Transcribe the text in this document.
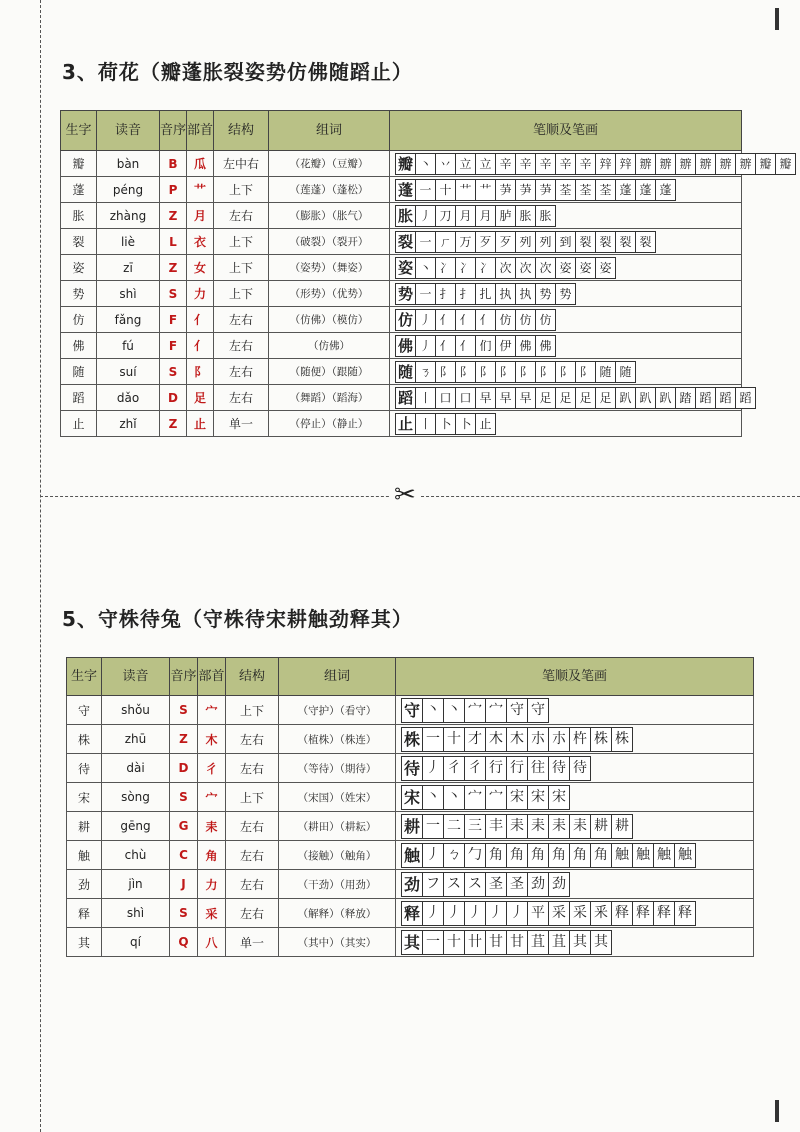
✂
3、荷花（瓣蓬胀裂姿势仿佛随蹈止）
生字	读音	音序	部首	结构	组词	笔顺及笔画
瓣	bàn	B	瓜	左中右	（花瓣）（豆瓣）	瓣 丶 丷 立 立 辛 辛 辛 辛 辛 辡 辡 辧 辧 辧 辧 辧 辧 瓣 瓣
蓬	péng	P	艹	上下	（莲蓬）（蓬松）	蓬 一 十 艹 艹 芛 芛 芛 荃 荃 荃 蓬 蓬 蓬
胀	zhàng	Z	月	左右	（膨胀）（胀气）	胀 丿 刀 月 月 胪 胀 胀
裂	liè	L	衣	上下	（破裂）（裂开）	裂 一 ㄏ 万 歹 歹 列 列 到 裂 裂 裂 裂
姿	zī	Z	女	上下	（姿势）（舞姿）	姿 丶 冫 冫 冫 次 次 次 姿 姿 姿
势	shì	S	力	上下	（形势）（优势）	势 一 扌 扌 扎 执 执 势 势
仿	fǎng	F	亻	左右	（仿佛）（模仿）	仿 丿 亻 亻 亻 仿 仿 仿
佛	fú	F	亻	左右	（仿佛）	佛 丿 亻 亻 们 伊 佛 佛
随	suí	S	阝	左右	（随便）（跟随）	随 ㄋ 阝 阝 阝 阝 阝 阝 阝 阝 随 随
蹈	dǎo	D	足	左右	（舞蹈）（蹈海）	蹈 丨 口 口 早 早 早 足 足 足 足 趴 趴 趴 踏 蹈 蹈 蹈
止	zhǐ	Z	止	单一	（停止）（静止）	止 丨 卜 卜 止
5、守株待兔（守株待宋耕触劲释其）
生字	读音	音序	部首	结构	组词	笔顺及笔画
守	shǒu	S	宀	上下	（守护）（看守）	守 丶 丶 宀 宀 守 守
株	zhū	Z	木	左右	（植株）（株连）	株 一 十 才 木 木 朩 朩 杵 株 株
待	dài	D	彳	左右	（等待）（期待）	待 丿 彳 彳 行 行 往 待 待
宋	sòng	S	宀	上下	（宋国）（姓宋）	宋 丶 丶 宀 宀 宋 宋 宋
耕	gēng	G	耒	左右	（耕田）（耕耘）	耕 一 二 三 丰 耒 耒 耒 耒 耕 耕
触	chù	C	角	左右	（接触）（触角）	触 丿 ㄅ 勹 角 角 角 角 角 角 触 触 触 触
劲	jìn	J	力	左右	（干劲）（用劲）	劲 フ ス ス 圣 圣 劲 劲
释	shì	S	采	左右	（解释）（释放）	释 丿 丿 丿 丿 丿 平 采 采 釆 释 释 释 释
其	qí	Q	八	单一	（其中）（其实）	其 一 十 卄 甘 甘 苴 苴 其 其
